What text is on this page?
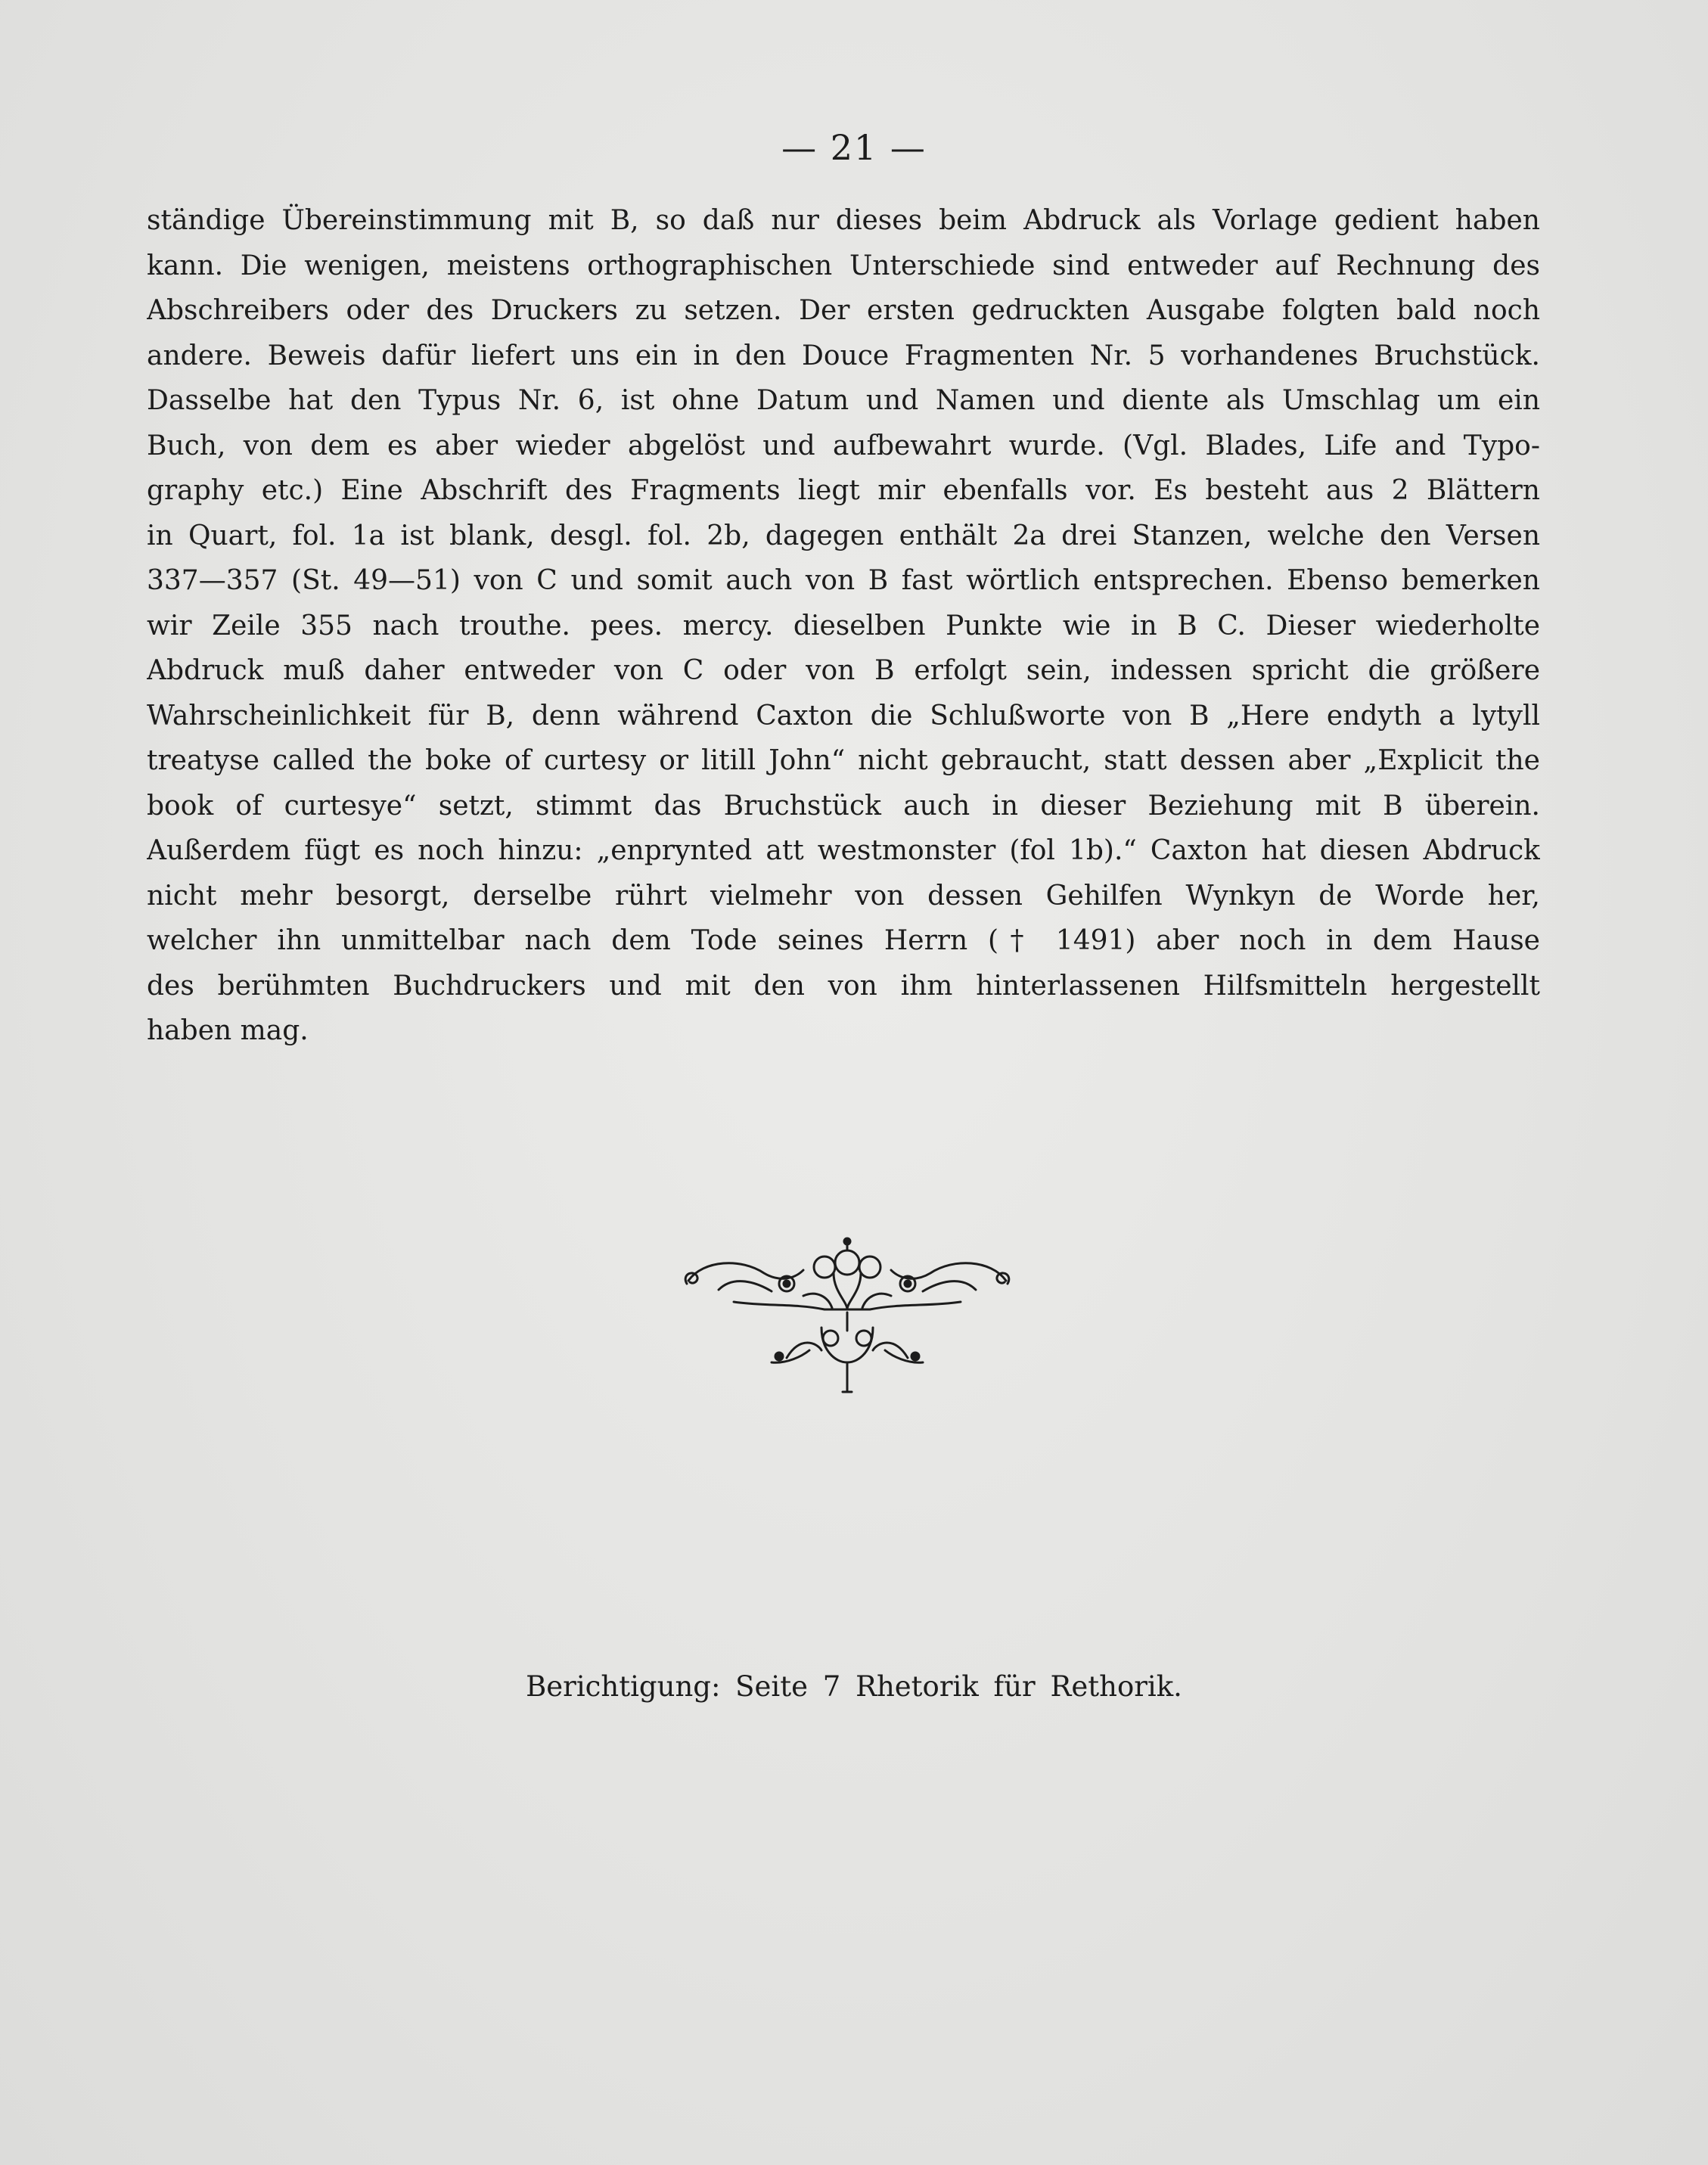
— 21 —
ständige Übereinstimmung mit B, so daß nur dieses beim Abdruck als Vorlage gedient haben
kann. Die wenigen, meistens orthographischen Unterschiede sind entweder auf Rechnung des
Abschreibers oder des Druckers zu setzen. Der ersten gedruckten Ausgabe folgten bald noch
andere. Beweis dafür liefert uns ein in den Douce Fragmenten Nr. 5 vorhandenes Bruchstück.
Dasselbe hat den Typus Nr. 6, ist ohne Datum und Namen und diente als Umschlag um ein
Buch, von dem es aber wieder abgelöst und aufbewahrt wurde. (Vgl. Blades, Life and Typo-
graphy etc.) Eine Abschrift des Fragments liegt mir ebenfalls vor. Es besteht aus 2 Blättern
in Quart, fol. 1a ist blank, desgl. fol. 2b, dagegen enthält 2a drei Stanzen, welche den Versen
337—357 (St. 49—51) von C und somit auch von B fast wörtlich entsprechen. Ebenso bemerken
wir Zeile 355 nach trouthe. pees. mercy. dieselben Punkte wie in B C. Dieser wiederholte
Abdruck muß daher entweder von C oder von B erfolgt sein, indessen spricht die größere
Wahrscheinlichkeit für B, denn während Caxton die Schlußworte von B „Here endyth a lytyll
treatyse called the boke of curtesy or litill John“ nicht gebraucht, statt dessen aber „Explicit the
book of curtesye“ setzt, stimmt das Bruchstück auch in dieser Beziehung mit B überein.
Außerdem fügt es noch hinzu: „enprynted att westmonster (fol 1b).“ Caxton hat diesen Abdruck
nicht mehr besorgt, derselbe rührt vielmehr von dessen Gehilfen Wynkyn de Worde her,
welcher ihn unmittelbar nach dem Tode seines Herrn († 1491) aber noch in dem Hause
des berühmten Buchdruckers und mit den von ihm hinterlassenen Hilfsmitteln hergestellt
haben mag.
Berichtigung: Seite 7 Rhetorik für Rethorik.
